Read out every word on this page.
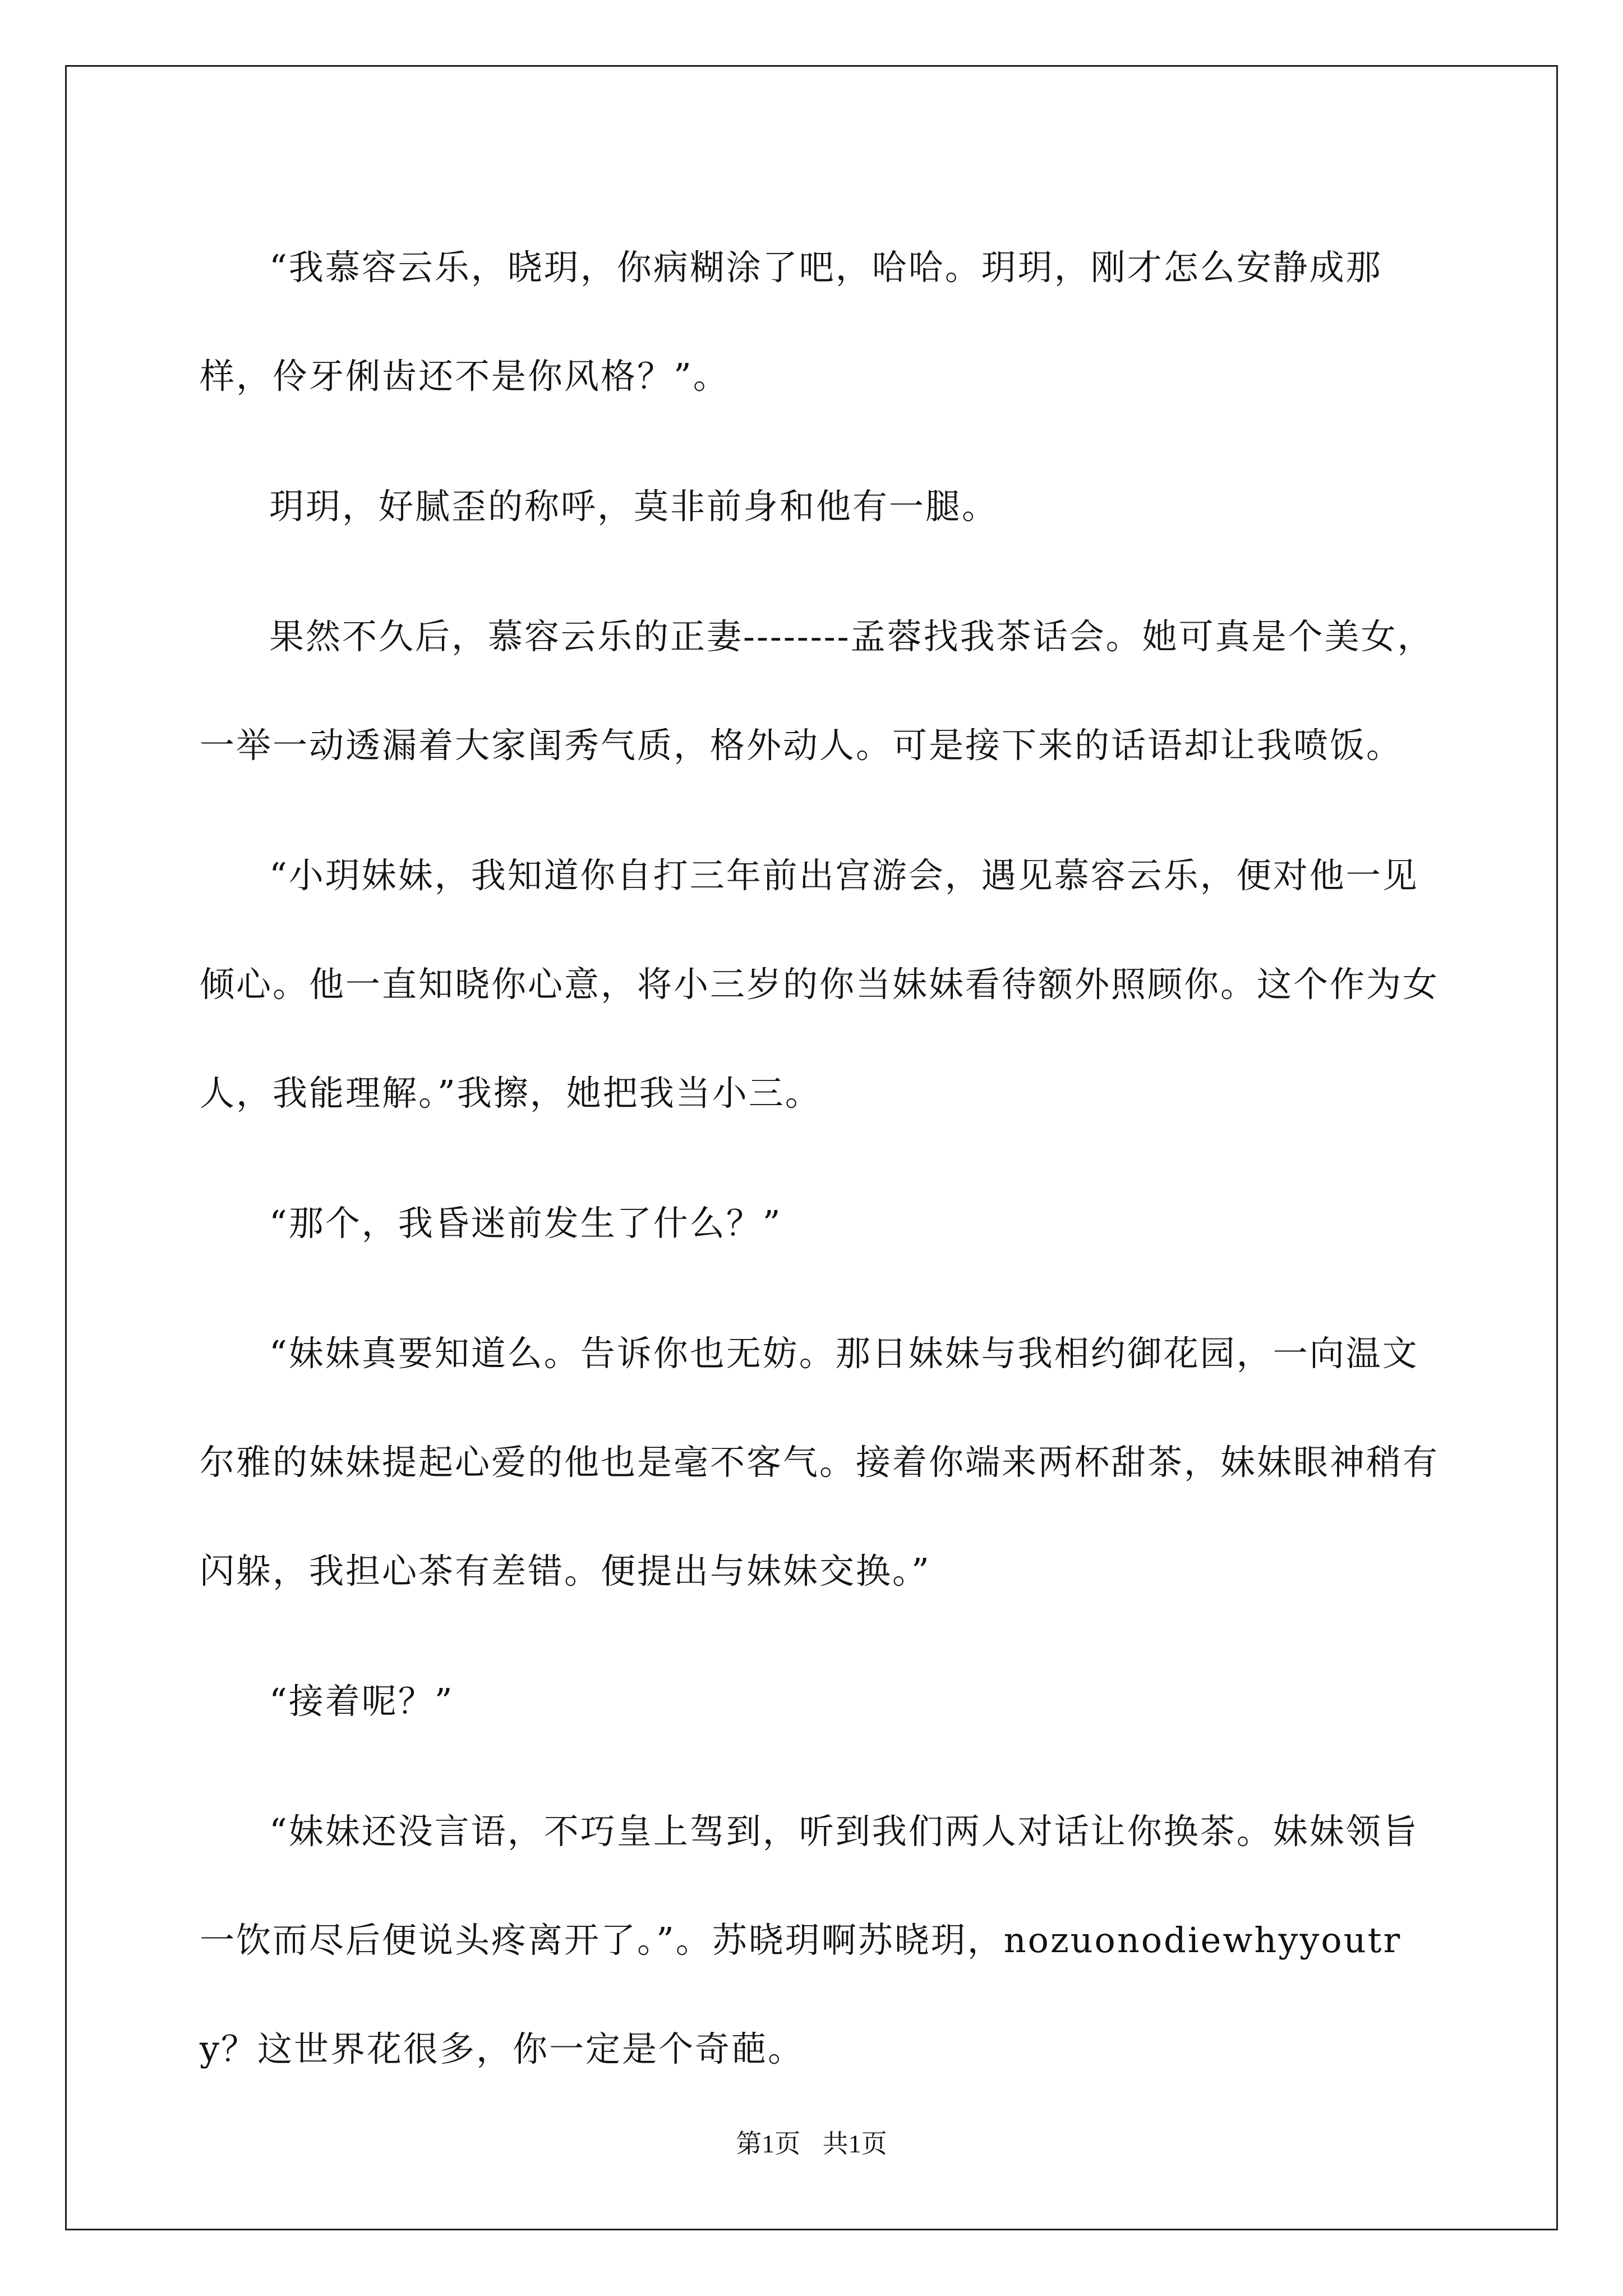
“我慕容云乐，晓玥，你病糊涂了吧，哈哈。玥玥，刚才怎么安静成那样，伶牙俐齿还不是你风格？”。

玥玥，好腻歪的称呼，莫非前身和他有一腿。

果然不久后，慕容云乐的正妻--------孟蓉找我茶话会。她可真是个美女，一举一动透漏着大家闺秀气质，格外动人。可是接下来的话语却让我喷饭。

“小玥妹妹，我知道你自打三年前出宫游会，遇见慕容云乐，便对他一见倾心。他一直知晓你心意，将小三岁的你当妹妹看待额外照顾你。这个作为女人，我能理解。”我擦，她把我当小三。

“那个，我昏迷前发生了什么？”

“妹妹真要知道么。告诉你也无妨。那日妹妹与我相约御花园，一向温文尔雅的妹妹提起心爱的他也是毫不客气。接着你端来两杯甜茶，妹妹眼神稍有闪躲，我担心茶有差错。便提出与妹妹交换。”

“接着呢？”

“妹妹还没言语，不巧皇上驾到，听到我们两人对话让你换茶。妹妹领旨一饮而尽后便说头疼离开了。”。苏晓玥啊苏晓玥，nozuonodiewhyyoutry？这世界花很多，你一定是个奇葩。

第1页 共1页
